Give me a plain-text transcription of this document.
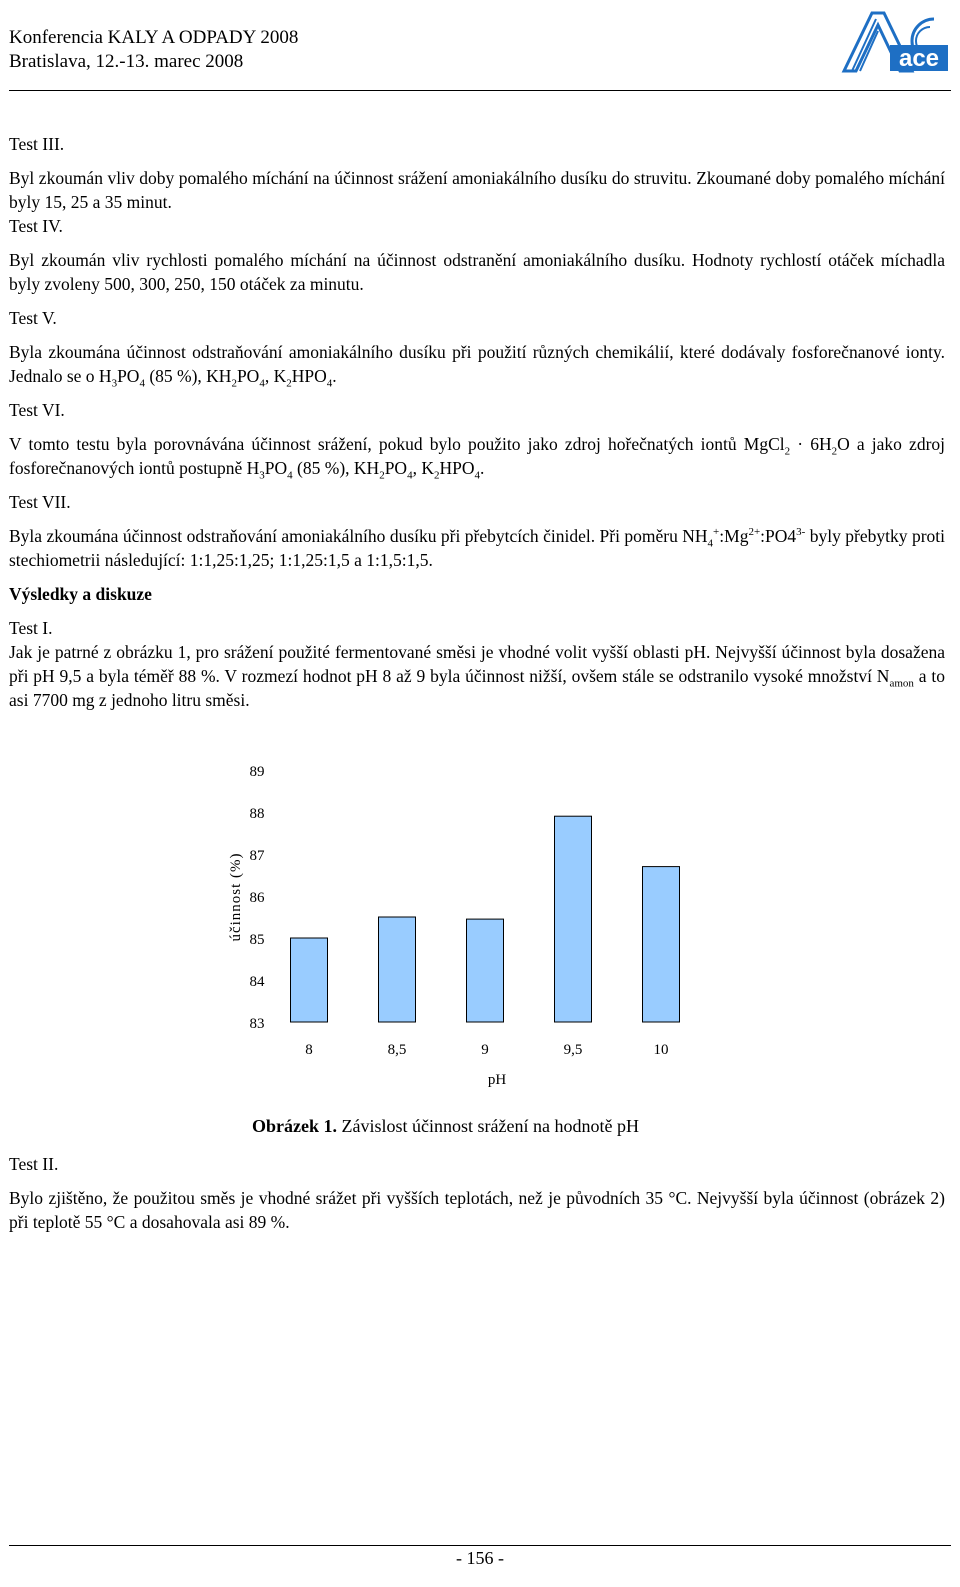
Konferencia KALY A ODPADY 2008
Bratislava, 12.-13. marec 2008	ace

Test III.

Byl zkoumán vliv doby pomalého míchání na účinnost srážení amoniakálního dusíku do struvitu. Zkoumané doby pomalého míchání byly 15, 25 a 35 minut.

Test IV.

Byl zkoumán vliv rychlosti pomalého míchání na účinnost odstranění amoniakálního dusíku. Hodnoty rychlostí otáček míchadla byly zvoleny 500, 300, 250, 150 otáček za minutu.

Test V.

Byla zkoumána účinnost odstraňování amoniakálního dusíku při použití různých chemikálií, které dodávaly fosforečnanové ionty. Jednalo se o $H_3PO_4$ (85 %), $KH_2PO_4$, $K_2HPO_4$.

Test VI.

V tomto testu byla porovnávána účinnost srážení, pokud bylo použito jako zdroj hořečnatých iontů MgCl$_2$ · $6H_2O$ a jako zdroj fosforečnanových iontů postupně $H_3PO_4$ (85 %), $KH_2PO_4$, $K_2HPO_4$.

Test VII.

Byla zkoumána účinnost odstraňování amoniakálního dusíku při přebytcích činidel. Při poměru $NH_4^+:Mg^{2+}:PO4^{3-}$ byly přebytky proti stechiometrii následující: 1:1,25:1,25; 1:1,25:1,5 a 1:1,5:1,5.

Výsledky a diskuze

Test I.

Jak je patrné z obrázku 1, pro srážení použité fermentované směsi je vhodné volit vyšší oblasti pH. Nejvyšší účinnost byla dosažena při pH 9,5 a byla téměř 88 %. V rozmezí hodnot pH 8 až 9 byla účinnost nižší, ovšem stále se odstranilo vysoké množství $N_{amon}$ a to asi 7700 mg z jednoho litru směsi.

83
84
85
86
87
88
89
8	8,5	9	9,5	10
pH
účinnost (%)
Obrázek 1. Závislost účinnost srážení na hodnotě pH

Test II.

Bylo zjištěno, že použitou směs je vhodné srážet při vyšších teplotách, než je původních 35 °C. Nejvyšší byla účinnost (obrázek 2) při teplotě 55 °C a dosahovala asi 89 %.

- 156 -
